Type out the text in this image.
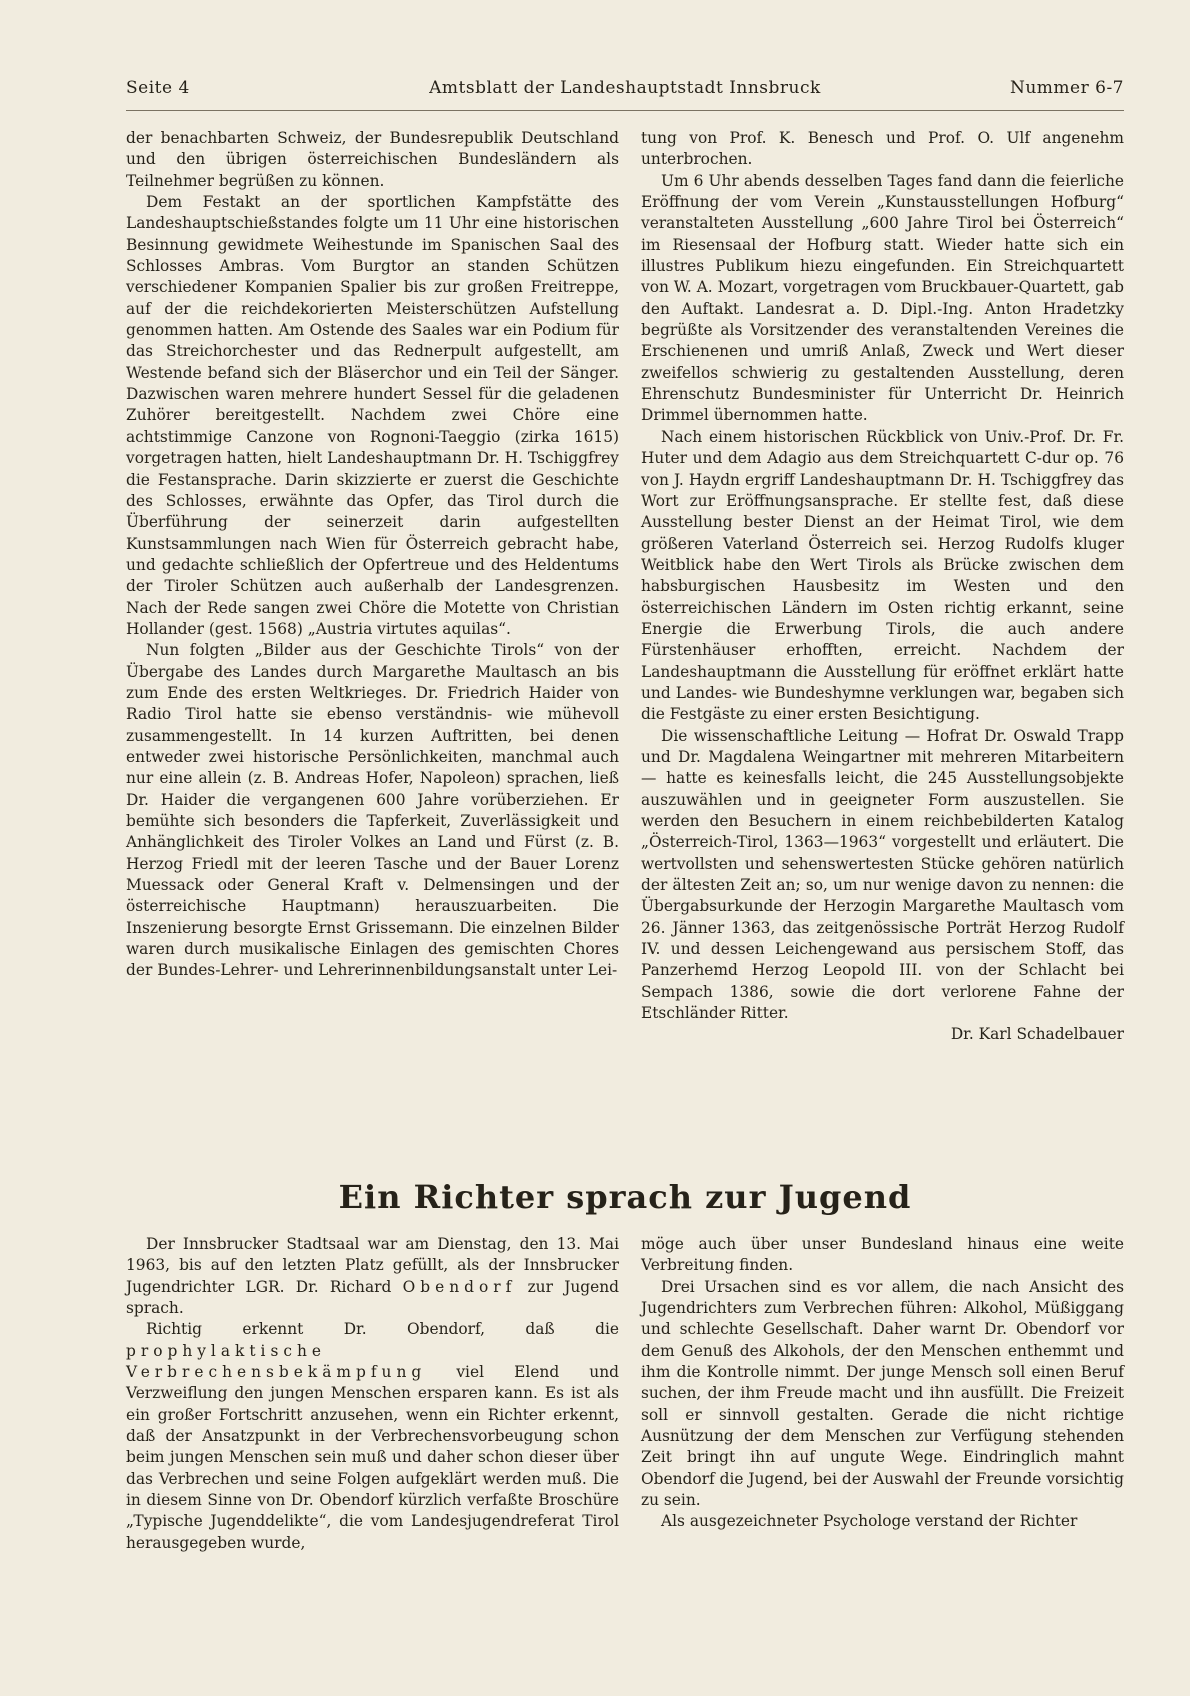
Seite 4	Amtsblatt der Landeshauptstadt Innsbruck	Nummer 6-7

der benachbarten Schweiz, der Bundesrepublik Deutschland und den übrigen österreichischen Bundesländern als Teilnehmer begrüßen zu können.

Dem Festakt an der sportlichen Kampfstätte des Landeshauptschießstandes folgte um 11 Uhr eine historischen Besinnung gewidmete Weihestunde im Spanischen Saal des Schlosses Ambras. Vom Burgtor an standen Schützen verschiedener Kompanien Spalier bis zur großen Freitreppe, auf der die reichdekorierten Meisterschützen Aufstellung genommen hatten. Am Ostende des Saales war ein Podium für das Streichorchester und das Rednerpult aufgestellt, am Westende befand sich der Bläserchor und ein Teil der Sänger. Dazwischen waren mehrere hundert Sessel für die geladenen Zuhörer bereitgestellt. Nachdem zwei Chöre eine achtstimmige Canzone von Rognoni-Taeggio (zirka 1615) vorgetragen hatten, hielt Landeshauptmann Dr. H. Tschiggfrey die Festansprache. Darin skizzierte er zuerst die Geschichte des Schlosses, erwähnte das Opfer, das Tirol durch die Überführung der seinerzeit darin aufgestellten Kunstsammlungen nach Wien für Österreich gebracht habe, und gedachte schließlich der Opfertreue und des Heldentums der Tiroler Schützen auch außerhalb der Landesgrenzen. Nach der Rede sangen zwei Chöre die Motette von Christian Hollander (gest. 1568) „Austria virtutes aquilas“.

Nun folgten „Bilder aus der Geschichte Tirols“ von der Übergabe des Landes durch Margarethe Maultasch an bis zum Ende des ersten Weltkrieges. Dr. Friedrich Haider von Radio Tirol hatte sie ebenso verständnis- wie mühevoll zusammengestellt. In 14 kurzen Auftritten, bei denen entweder zwei historische Persönlichkeiten, manchmal auch nur eine allein (z. B. Andreas Hofer, Napoleon) sprachen, ließ Dr. Haider die vergangenen 600 Jahre vorüberziehen. Er bemühte sich besonders die Tapferkeit, Zuverlässigkeit und Anhänglichkeit des Tiroler Volkes an Land und Fürst (z. B. Herzog Friedl mit der leeren Tasche und der Bauer Lorenz Muessack oder General Kraft v. Delmensingen und der österreichische Hauptmann) herauszuarbeiten. Die Inszenierung besorgte Ernst Grissemann. Die einzelnen Bilder waren durch musikalische Einlagen des gemischten Chores der Bundes-Lehrer- und Lehrerinnenbildungsanstalt unter Lei-

tung von Prof. K. Benesch und Prof. O. Ulf angenehm unterbrochen.

Um 6 Uhr abends desselben Tages fand dann die feierliche Eröffnung der vom Verein „Kunstausstellungen Hofburg“ veranstalteten Ausstellung „600 Jahre Tirol bei Österreich“ im Riesensaal der Hofburg statt. Wieder hatte sich ein illustres Publikum hiezu eingefunden. Ein Streichquartett von W. A. Mozart, vorgetragen vom Bruckbauer-Quartett, gab den Auftakt. Landesrat a. D. Dipl.-Ing. Anton Hradetzky begrüßte als Vorsitzender des veranstaltenden Vereines die Erschienenen und umriß Anlaß, Zweck und Wert dieser zweifellos schwierig zu gestaltenden Ausstellung, deren Ehrenschutz Bundesminister für Unterricht Dr. Heinrich Drimmel übernommen hatte.

Nach einem historischen Rückblick von Univ.-Prof. Dr. Fr. Huter und dem Adagio aus dem Streichquartett C-dur op. 76 von J. Haydn ergriff Landeshauptmann Dr. H. Tschiggfrey das Wort zur Eröffnungsansprache. Er stellte fest, daß diese Ausstellung bester Dienst an der Heimat Tirol, wie dem größeren Vaterland Österreich sei. Herzog Rudolfs kluger Weitblick habe den Wert Tirols als Brücke zwischen dem habsburgischen Hausbesitz im Westen und den österreichischen Ländern im Osten richtig erkannt, seine Energie die Erwerbung Tirols, die auch andere Fürstenhäuser erhofften, erreicht. Nachdem der Landeshauptmann die Ausstellung für eröffnet erklärt hatte und Landes- wie Bundeshymne verklungen war, begaben sich die Festgäste zu einer ersten Besichtigung.

Die wissenschaftliche Leitung — Hofrat Dr. Oswald Trapp und Dr. Magdalena Weingartner mit mehreren Mitarbeitern — hatte es keinesfalls leicht, die 245 Ausstellungsobjekte auszuwählen und in geeigneter Form auszustellen. Sie werden den Besuchern in einem reichbebilderten Katalog „Österreich-Tirol, 1363—1963“ vorgestellt und erläutert. Die wertvollsten und sehenswertesten Stücke gehören natürlich der ältesten Zeit an; so, um nur wenige davon zu nennen: die Übergabsurkunde der Herzogin Margarethe Maultasch vom 26. Jänner 1363, das zeitgenössische Porträt Herzog Rudolf IV. und dessen Leichengewand aus persischem Stoff, das Panzerhemd Herzog Leopold III. von der Schlacht bei Sempach 1386, sowie die dort verlorene Fahne der Etschländer Ritter.

Dr. Karl Schadelbauer

Ein Richter sprach zur Jugend

Der Innsbrucker Stadtsaal war am Dienstag, den 13. Mai 1963, bis auf den letzten Platz gefüllt, als der Innsbrucker Jugendrichter LGR. Dr. Richard Obendorf zur Jugend sprach.

Richtig erkennt Dr. Obendorf, daß die prophylaktische Verbrechensbekämpfung viel Elend und Verzweiflung den jungen Menschen ersparen kann. Es ist als ein großer Fortschritt anzusehen, wenn ein Richter erkennt, daß der Ansatzpunkt in der Verbrechensvorbeugung schon beim jungen Menschen sein muß und daher schon dieser über das Verbrechen und seine Folgen aufgeklärt werden muß. Die in diesem Sinne von Dr. Obendorf kürzlich verfaßte Broschüre „Typische Jugenddelikte“, die vom Landesjugendreferat Tirol herausgegeben wurde,

möge auch über unser Bundesland hinaus eine weite Verbreitung finden.

Drei Ursachen sind es vor allem, die nach Ansicht des Jugendrichters zum Verbrechen führen: Alkohol, Müßiggang und schlechte Gesellschaft. Daher warnt Dr. Obendorf vor dem Genuß des Alkohols, der den Menschen enthemmt und ihm die Kontrolle nimmt. Der junge Mensch soll einen Beruf suchen, der ihm Freude macht und ihn ausfüllt. Die Freizeit soll er sinnvoll gestalten. Gerade die nicht richtige Ausnützung der dem Menschen zur Verfügung stehenden Zeit bringt ihn auf ungute Wege. Eindringlich mahnt Obendorf die Jugend, bei der Auswahl der Freunde vorsichtig zu sein.

Als ausgezeichneter Psychologe verstand der Richter
